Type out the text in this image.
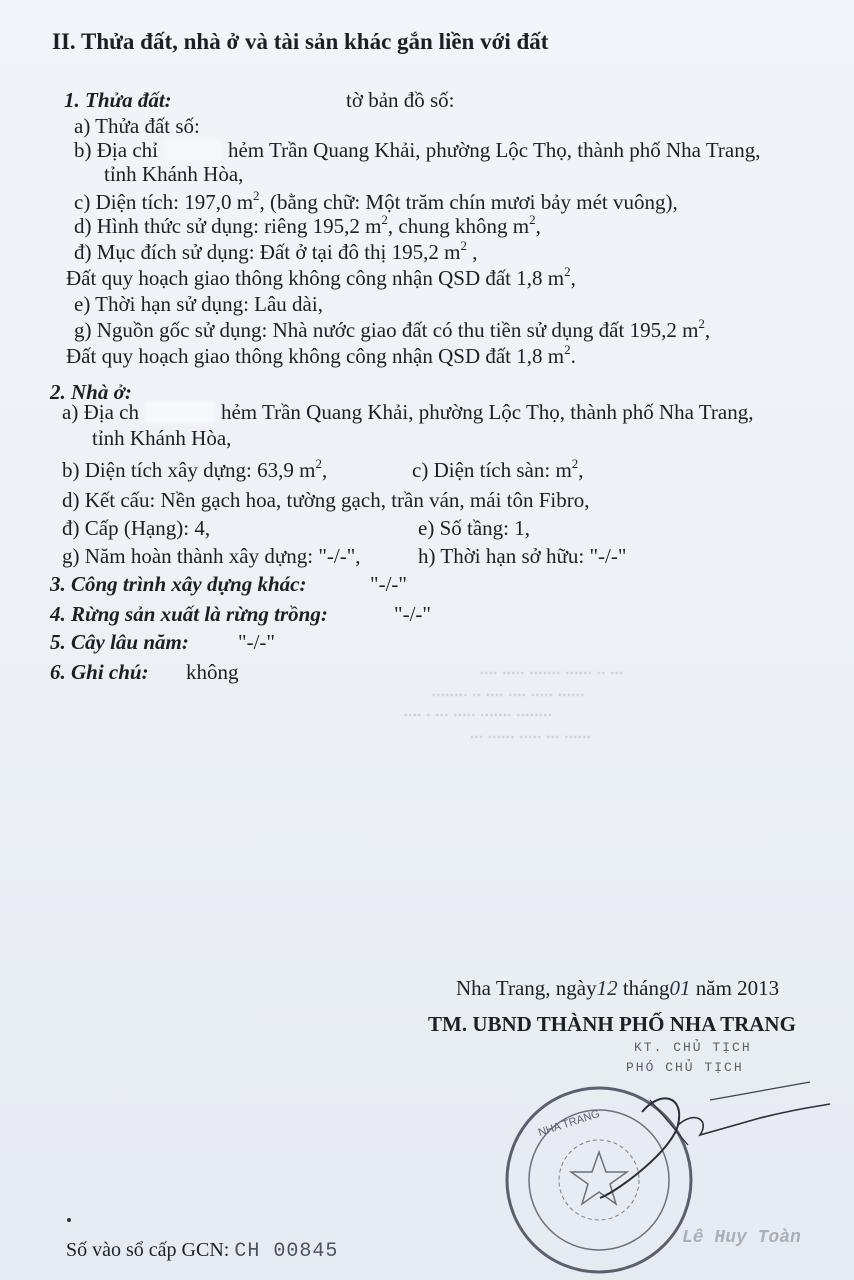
II. Thửa đất, nhà ở và tài sản khác gắn liền với đất
1. Thửa đất:
a) Thửa đất số:
tờ bản đồ số:
b) Địa chỉ	hẻm Trần Quang Khải, phường Lộc Thọ, thành phố Nha Trang,
tỉnh Khánh Hòa,
c) Diện tích: 197,0 $m^2$, (bằng chữ: Một trăm chín mươi bảy mét vuông),
d) Hình thức sử dụng: riêng 195,2 $m^2$, chung không $m^2$,
đ) Mục đích sử dụng: Đất ở tại đô thị 195,2 $m^2$ ,
Đất quy hoạch giao thông không công nhận QSD đất 1,8 $m^2$,
e) Thời hạn sử dụng: Lâu dài,
g) Nguồn gốc sử dụng: Nhà nước giao đất có thu tiền sử dụng đất 195,2 $m^2$,
Đất quy hoạch giao thông không công nhận QSD đất 1,8 $m^2$.
2. Nhà ở:
a) Địa ch	hẻm Trần Quang Khải, phường Lộc Thọ, thành phố Nha Trang,
tỉnh Khánh Hòa,
b) Diện tích xây dựng: 63,9 $m^2$,	c) Diện tích sàn: $m^2$,
d) Kết cấu: Nền gạch hoa, tường gạch, trần ván, mái tôn Fibro,
đ) Cấp (Hạng): 4,	e) Số tầng: 1,
g) Năm hoàn thành xây dựng: "-/-",	h) Thời hạn sở hữu: "-/-"
3. Công trình xây dựng khác:	"-/-"
4. Rừng sản xuất là rừng trồng:	"-/-"
5. Cây lâu năm: "-/-"
6. Ghi chú: không	.... ..... ....... ...... .. ...
........ .. .... .... ..... ......
.... . ... ..... ....... ........
... ...... ..... ... ......
Nha Trang, ngày12 tháng01 năm 2013
TM. UBND THÀNH PHỐ NHA TRANG
KT. CHỦ TỊCH
PHÓ CHỦ TỊCH
NHA TRANG
Lê Huy Toàn
Số vào sổ cấp GCN: CH 00845
